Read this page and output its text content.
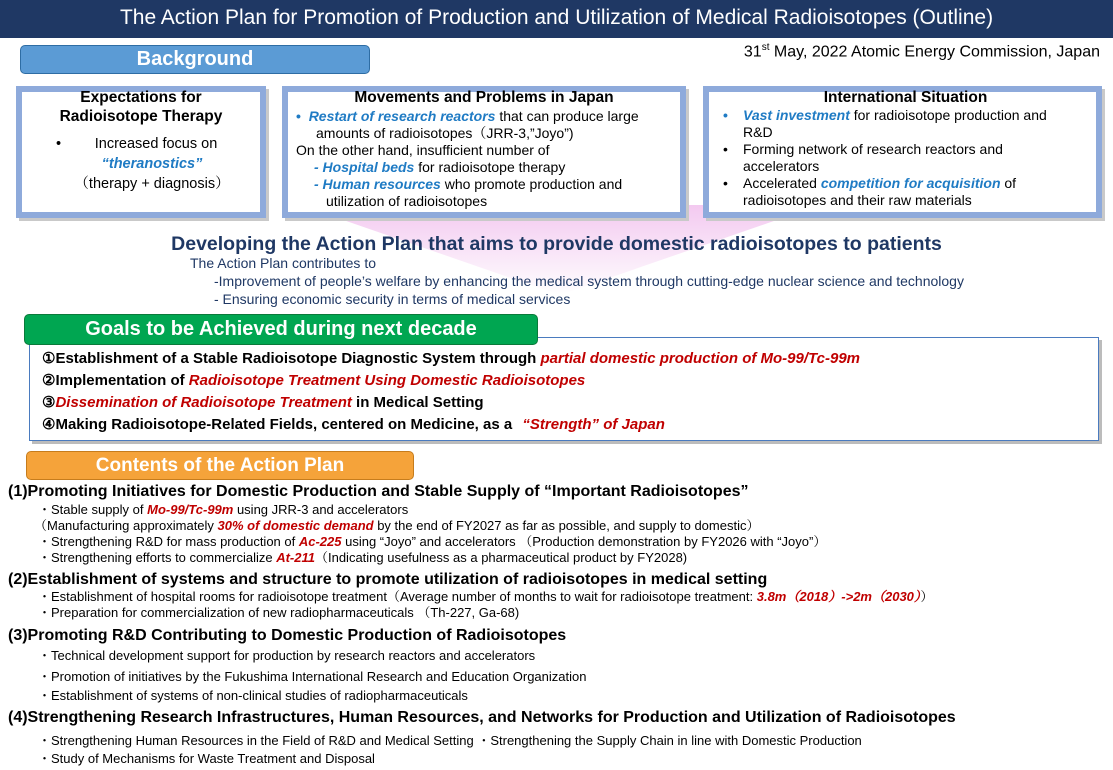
The Action Plan for Promotion of Production and Utilization of Medical Radioisotopes (Outline)
Background	31st May, 2022 Atomic Energy Commission, Japan
Expectations for
Radioisotope Therapy
•	Increased focus on
“theranostics”
（therapy + diagnosis）
Movements and Problems in Japan
•  Restart of research reactors that can produce large
amounts of radioisotopes（JRR-3,”Joyo”)
On the other hand, insufficient number of
- Hospital beds for radioisotope therapy
- Human resources who promote production and
utilization of radioisotopes
International Situation
• Vast investment for radioisotope production and
R&D
• Forming network of research reactors and
accelerators
• Accelerated competition for acquisition of
radioisotopes and their raw materials
Developing the Action Plan that aims to provide domestic radioisotopes to patients
The Action Plan contributes to
-Improvement of people’s welfare by enhancing the medical system through cutting-edge nuclear science and technology
- Ensuring economic security in terms of medical services
①Establishment of a Stable Radioisotope Diagnostic System through partial domestic production of Mo-99/Tc-99m
②Implementation of Radioisotope Treatment Using Domestic Radioisotopes
③Dissemination of Radioisotope Treatment in Medical Setting
④Making Radioisotope-Related Fields, centered on Medicine, as a “Strength” of Japan
Goals to be Achieved during next decade
Contents of the Action Plan
(1)Promoting Initiatives for Domestic Production and Stable Supply of “Important Radioisotopes”
・Stable supply of Mo-99/Tc-99m using JRR-3 and accelerators
（Manufacturing approximately 30% of domestic demand by the end of FY2027 as far as possible, and supply to domestic）
・Strengthening R&D for mass production of Ac-225 using “Joyo” and accelerators （Production demonstration by FY2026 with “Joyo”）
・Strengthening efforts to commercialize At-211（Indicating usefulness as a pharmaceutical product by FY2028)
(2)Establishment of systems and structure to promote utilization of radioisotopes in medical setting
・Establishment of hospital rooms for radioisotope treatment（Average number of months to wait for radioisotope treatment: 3.8m（2018）->2m（2030））
・Preparation for commercialization of new radiopharmaceuticals （Th-227, Ga-68)
(3)Promoting R&D Contributing to Domestic Production of Radioisotopes
・Technical development support for production by research reactors and accelerators
・Promotion of initiatives by the Fukushima International Research and Education Organization
・Establishment of systems of non-clinical studies of radiopharmaceuticals
(4)Strengthening Research Infrastructures, Human Resources, and Networks for Production and Utilization of Radioisotopes
・Strengthening Human Resources in the Field of R&D and Medical Setting ・Strengthening the Supply Chain in line with Domestic Production
・Study of Mechanisms for Waste Treatment and Disposal
